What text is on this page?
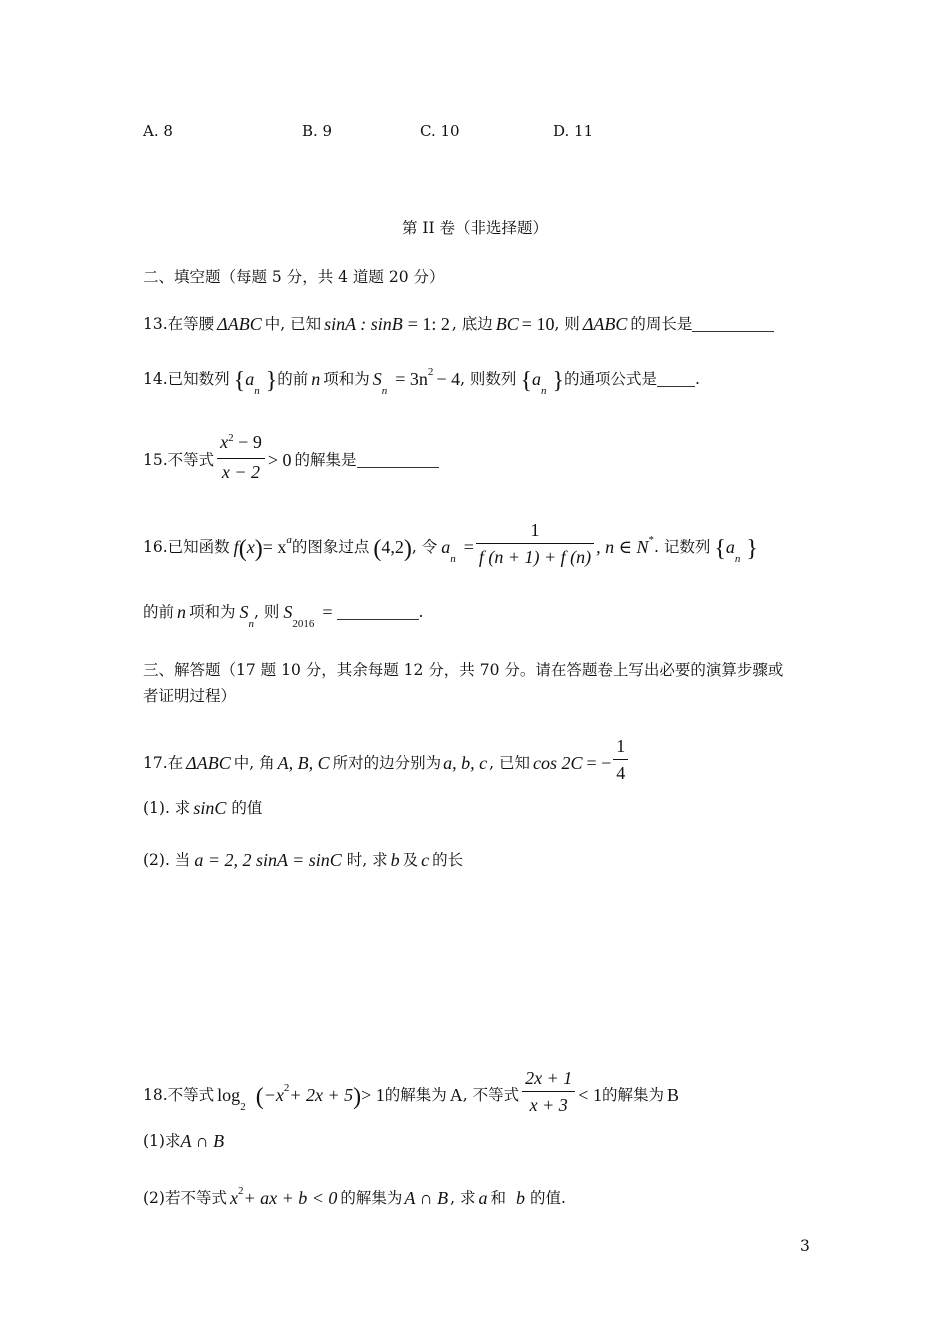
A. 8	B. 9	C. 10	D. 11
第 II 卷（非选择题）
二、填空题（每题 5 分，共 4 道题 20 分）
13. 在等腰 ΔABC 中, 已知 sinA : sinB = 1: 2 , 底边 BC = 10 , 则 ΔABC 的周长是
14. 已知数列 { a
n } 的前 n 项和为 S
n
= 3n 2 − 4 , 则数列 { a
n } 的通项公式是 .
15. 不等式 $\frac{x^2 - 9}{x - 2} > 0$ 的解集是
16. 已知函数 f ( x ) = x a 的图象过点 ( 4,2 ) , 令 a
n
= $\frac{1}{f (n + 1) + f (n)}$ , n ∈ N * . 记数列 { a
n }
的前 n 项和为 S
n
, 则 S
2016
=	.
三、解答题（17 题 10 分，其余每题 12 分，共 70 分。请在答题卷上写出必要的演算步骤或
者证明过程）
17. 在 ΔABC 中, 角 A, B, C 所对的边分别为 a, b, c , 已知 cos 2C = − $\frac{1}{4}$
(1). 求 sinC 的值
(2). 当 a = 2, 2 sinA = sinC 时, 求 b 及 c 的长
18. 不等式 log
2 ( −x 2 + 2x + 5 ) > 1 的解集为 A , 不等式 $\frac{2x + 1}{x + 3} < 1$ 的解集为 B
(1)求 A ∩ B
(2)若不等式 x 2 + ax + b < 0 的解集为 A ∩ B , 求 a 和 b 的值.
3
